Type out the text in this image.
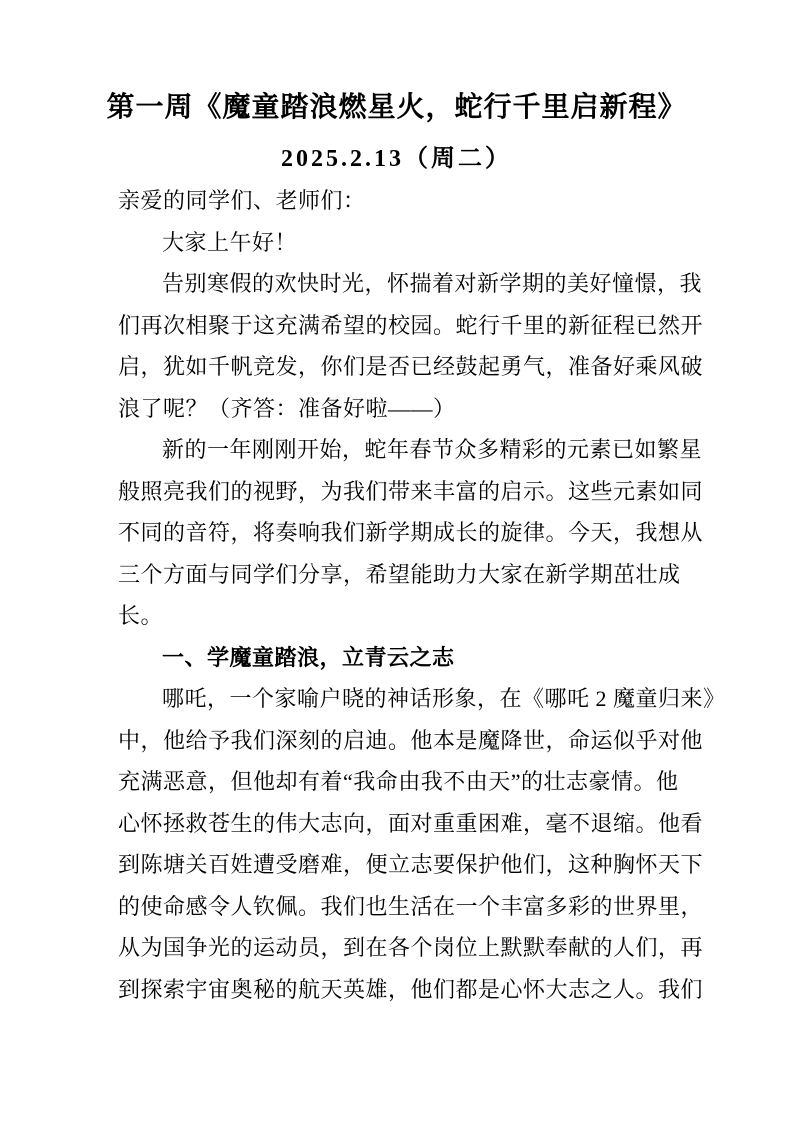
第一周《魔童踏浪燃星火，蛇行千里启新程》
2025.2.13（周二）
亲爱的同学们、老师们：
大家上午好！
告别寒假的欢快时光，怀揣着对新学期的美好憧憬，我
们再次相聚于这充满希望的校园。蛇行千里的新征程已然开
启，犹如千帆竞发，你们是否已经鼓起勇气，准备好乘风破
浪了呢？（齐答：准备好啦——）
新的一年刚刚开始，蛇年春节众多精彩的元素已如繁星
般照亮我们的视野，为我们带来丰富的启示。这些元素如同
不同的音符，将奏响我们新学期成长的旋律。今天，我想从
三个方面与同学们分享，希望能助力大家在新学期茁壮成
长。
一、学魔童踏浪，立青云之志
哪吒，一个家喻户晓的神话形象，在《哪吒 2 魔童归来》
中，他给予我们深刻的启迪。他本是魔降世，命运似乎对他
充满恶意，但他却有着“我命由我不由天”的壮志豪情。他
心怀拯救苍生的伟大志向，面对重重困难，毫不退缩。他看
到陈塘关百姓遭受磨难，便立志要保护他们，这种胸怀天下
的使命感令人钦佩。我们也生活在一个丰富多彩的世界里，
从为国争光的运动员，到在各个岗位上默默奉献的人们，再
到探索宇宙奥秘的航天英雄，他们都是心怀大志之人。我们
